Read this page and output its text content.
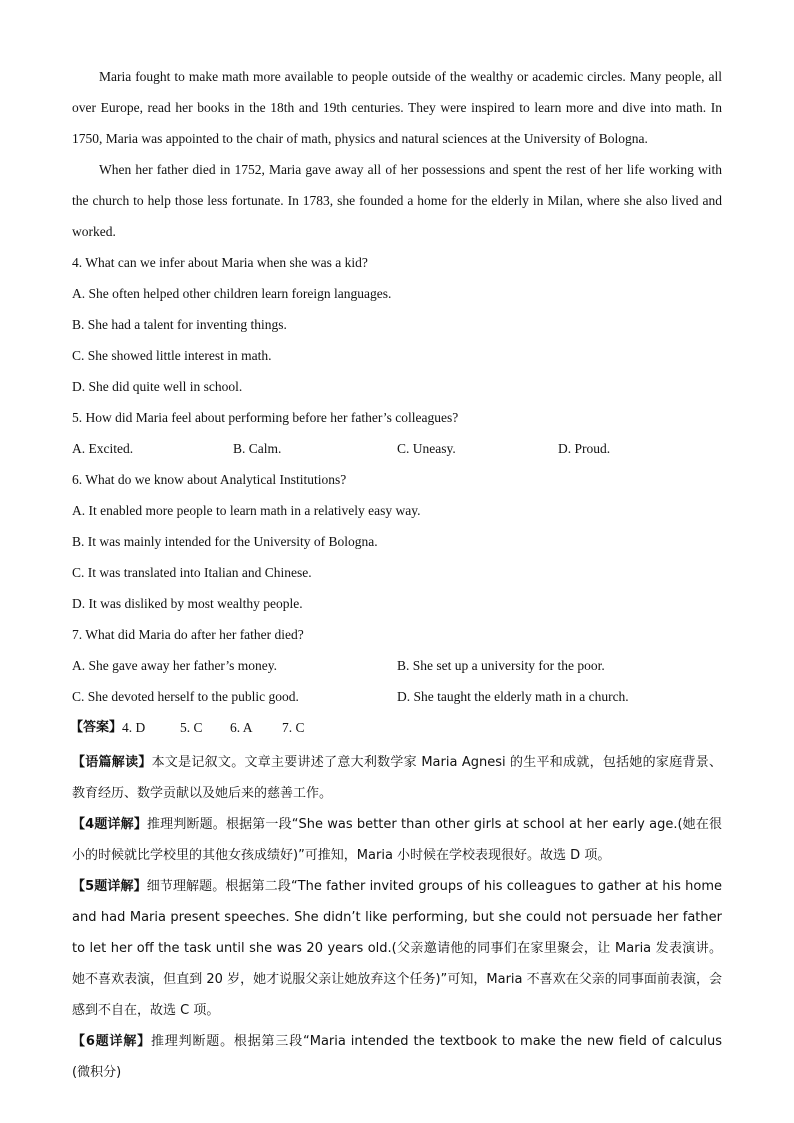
Maria fought to make math more available to people outside of the wealthy or academic circles. Many people, all over Europe, read her books in the 18th and 19th centuries. They were inspired to learn more and dive into math. In 1750, Maria was appointed to the chair of math, physics and natural sciences at the University of Bologna.

When her father died in 1752, Maria gave away all of her possessions and spent the rest of her life working with the church to help those less fortunate. In 1783, she founded a home for the elderly in Milan, where she also lived and worked.

4. What can we infer about Maria when she was a kid?
A. She often helped other children learn foreign languages.
B. She had a talent for inventing things.
C. She showed little interest in math.
D. She did quite well in school.
5. How did Maria feel about performing before her father’s colleagues?
A. Excited.	B. Calm.	C. Uneasy.	D. Proud.
6. What do we know about Analytical Institutions?
A. It enabled more people to learn math in a relatively easy way.
B. It was mainly intended for the University of Bologna.
C. It was translated into Italian and Chinese.
D. It was disliked by most wealthy people.
7. What did Maria do after her father died?
A. She gave away her father’s money.	B. She set up a university for the poor.
C. She devoted herself to the public good.	D. She taught the elderly math in a church.
【答案】 4. D	5. C 6. A 7. C

【语篇解读】本文是记叙文。文章主要讲述了意大利数学家 Maria Agnesi 的生平和成就，包括她的家庭背景、教育经历、数学贡献以及她后来的慈善工作。

【4题详解】推理判断题。根据第一段“She was better than other girls at school at her early age.(她在很小的时候就比学校里的其他女孩成绩好)”可推知，Maria 小时候在学校表现很好。故选 D 项。

【5题详解】细节理解题。根据第二段“The father invited groups of his colleagues to gather at his home and had Maria present speeches. She didn’t like performing, but she could not persuade her father to let her off the task until she was 20 years old.(父亲邀请他的同事们在家里聚会，让 Maria 发表演讲。她不喜欢表演，但直到 20 岁，她才说服父亲让她放弃这个任务)”可知，Maria 不喜欢在父亲的同事面前表演，会感到不自在，故选 C 项。

【6题详解】推理判断题。根据第三段“Maria intended the textbook to make the new field of calculus (微积分)
